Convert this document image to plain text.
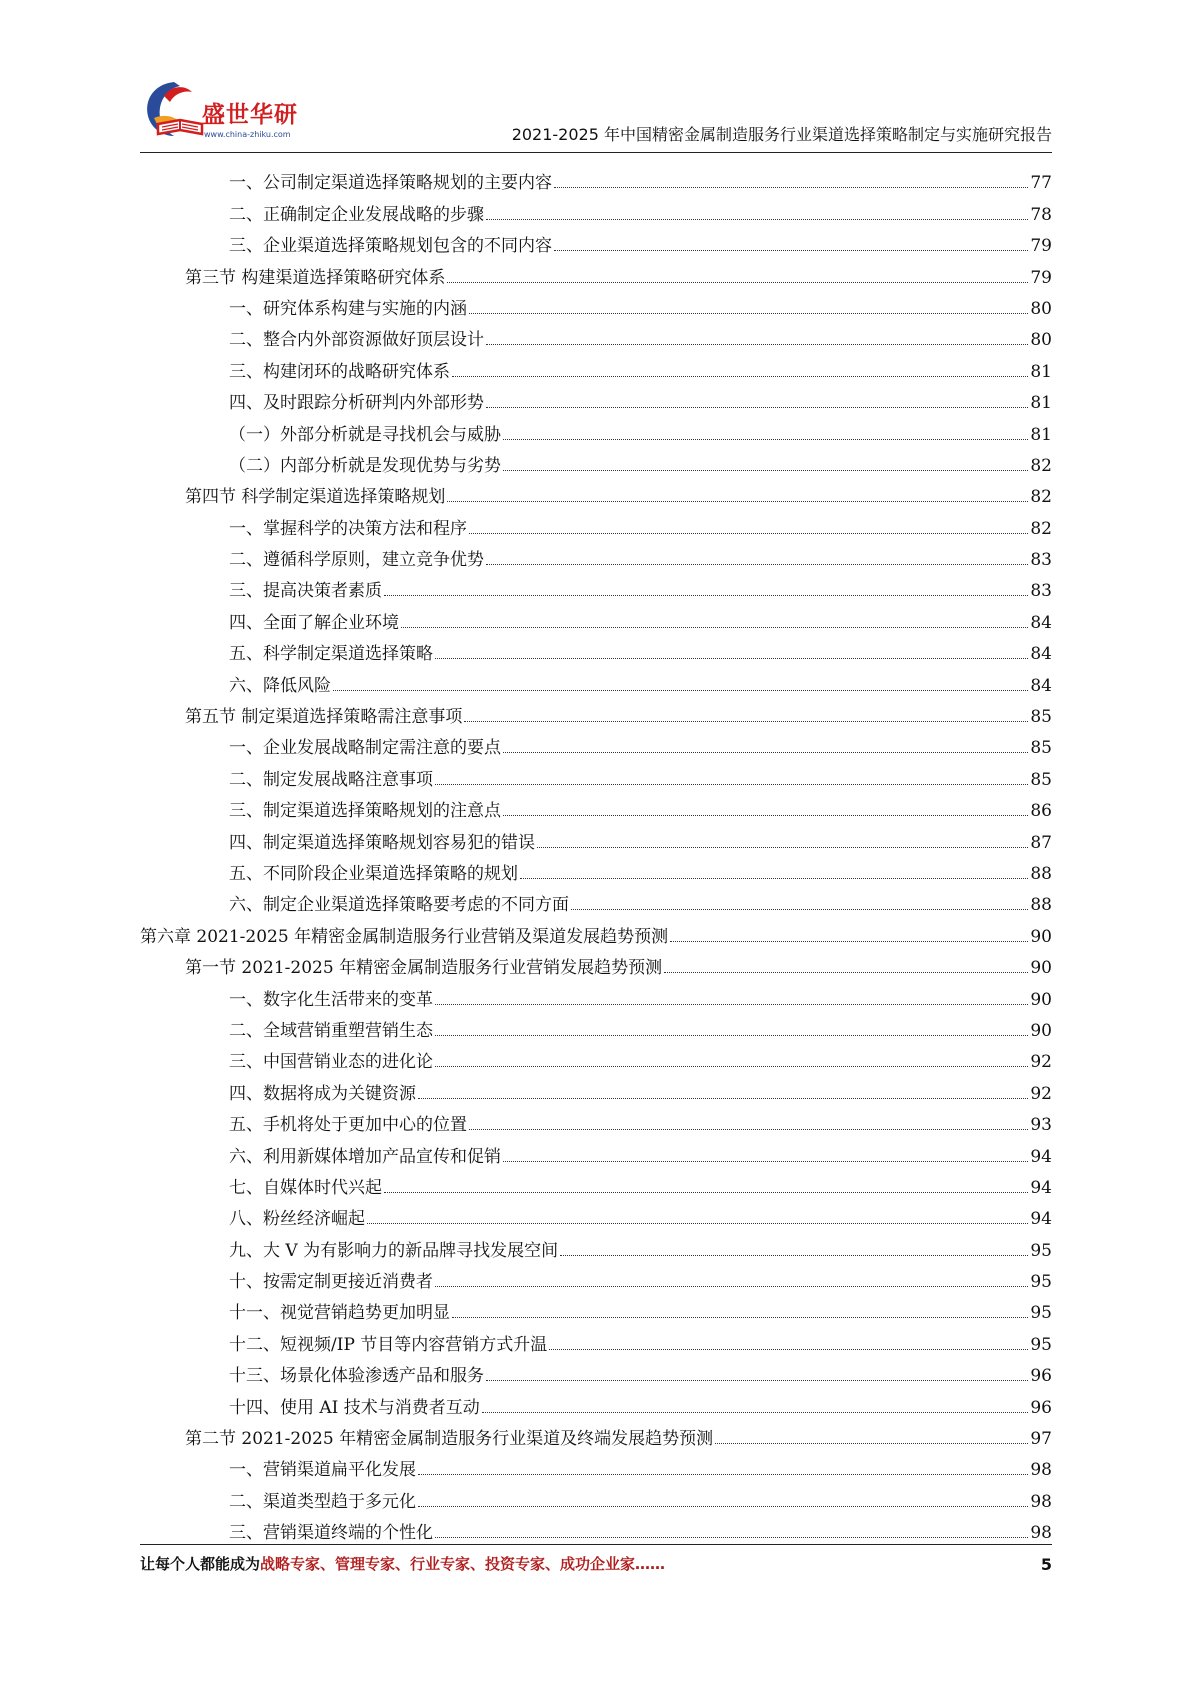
盛世华研
www.china-zhiku.com	2021-2025 年中国精密金属制造服务行业渠道选择策略制定与实施研究报告
一、公司制定渠道选择策略规划的主要内容	77
二、正确制定企业发展战略的步骤	78
三、企业渠道选择策略规划包含的不同内容	79
第三节 构建渠道选择策略研究体系	79
一、研究体系构建与实施的内涵	80
二、整合内外部资源做好顶层设计	80
三、构建闭环的战略研究体系	81
四、及时跟踪分析研判内外部形势	81
（一）外部分析就是寻找机会与威胁	81
（二）内部分析就是发现优势与劣势	82
第四节 科学制定渠道选择策略规划	82
一、掌握科学的决策方法和程序	82
二、遵循科学原则，建立竞争优势	83
三、提高决策者素质	83
四、全面了解企业环境	84
五、科学制定渠道选择策略	84
六、降低风险	84
第五节 制定渠道选择策略需注意事项	85
一、企业发展战略制定需注意的要点	85
二、制定发展战略注意事项	85
三、制定渠道选择策略规划的注意点	86
四、制定渠道选择策略规划容易犯的错误	87
五、不同阶段企业渠道选择策略的规划	88
六、制定企业渠道选择策略要考虑的不同方面	88
第六章 2021-2025 年精密金属制造服务行业营销及渠道发展趋势预测	90
第一节 2021-2025 年精密金属制造服务行业营销发展趋势预测	90
一、数字化生活带来的变革	90
二、全域营销重塑营销生态	90
三、中国营销业态的进化论	92
四、数据将成为关键资源	92
五、手机将处于更加中心的位置	93
六、利用新媒体增加产品宣传和促销	94
七、自媒体时代兴起	94
八、粉丝经济崛起	94
九、大 V 为有影响力的新品牌寻找发展空间	95
十、按需定制更接近消费者	95
十一、视觉营销趋势更加明显	95
十二、短视频/IP 节目等内容营销方式升温	95
十三、场景化体验渗透产品和服务	96
十四、使用 AI 技术与消费者互动	96
第二节 2021-2025 年精密金属制造服务行业渠道及终端发展趋势预测	97
一、营销渠道扁平化发展	98
二、渠道类型趋于多元化	98
三、营销渠道终端的个性化	98
让每个人都能成为战略专家、管理专家、行业专家、投资专家、成功企业家……	5
